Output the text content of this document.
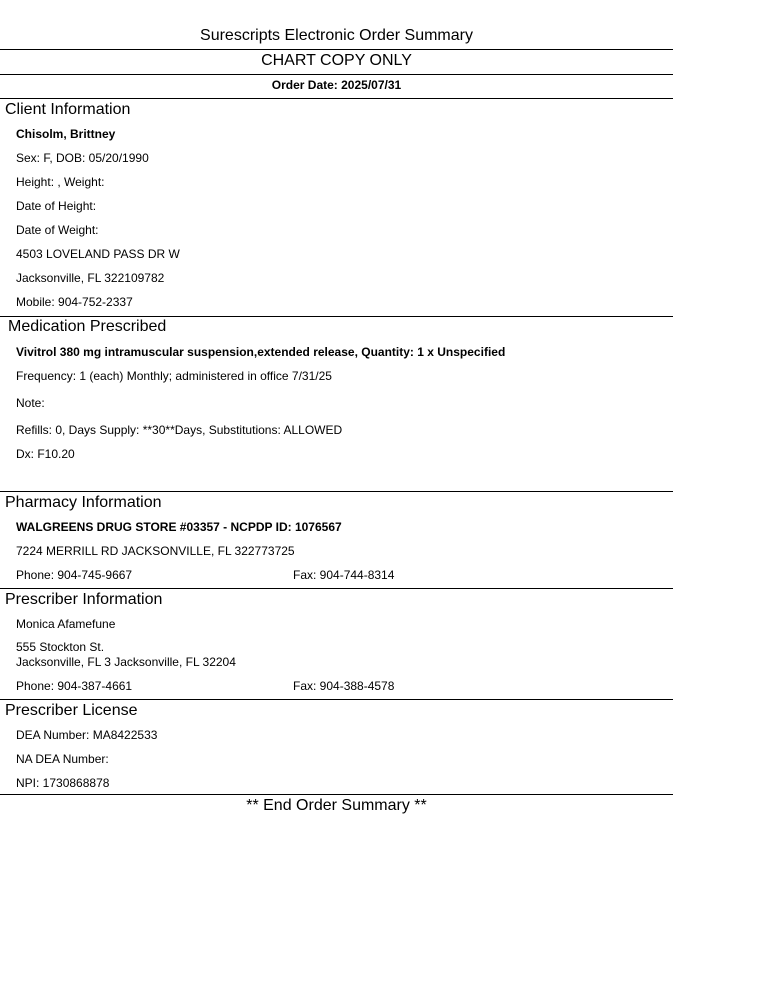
Surescripts Electronic Order Summary
CHART COPY ONLY
Order Date: 2025/07/31
Client Information
Chisolm, Brittney
Sex: F, DOB: 05/20/1990
Height: , Weight:
Date of Height:
Date of Weight:
4503 LOVELAND PASS DR W
Jacksonville, FL 322109782
Mobile: 904-752-2337
Medication Prescribed
Vivitrol 380 mg intramuscular suspension,extended release, Quantity: 1 x Unspecified
Frequency: 1 (each) Monthly; administered in office 7/31/25
Note:
Refills: 0, Days Supply: **30**Days, Substitutions: ALLOWED
Dx: F10.20
Pharmacy Information
WALGREENS DRUG STORE #03357 - NCPDP ID: 1076567
7224 MERRILL RD JACKSONVILLE, FL 322773725
Phone: 904-745-9667	Fax: 904-744-8314
Prescriber Information
Monica Afamefune
555 Stockton St.
Jacksonville, FL 3 Jacksonville, FL 32204
Phone: 904-387-4661	Fax: 904-388-4578
Prescriber License
DEA Number: MA8422533
NA DEA Number:
NPI: 1730868878
** End Order Summary **
